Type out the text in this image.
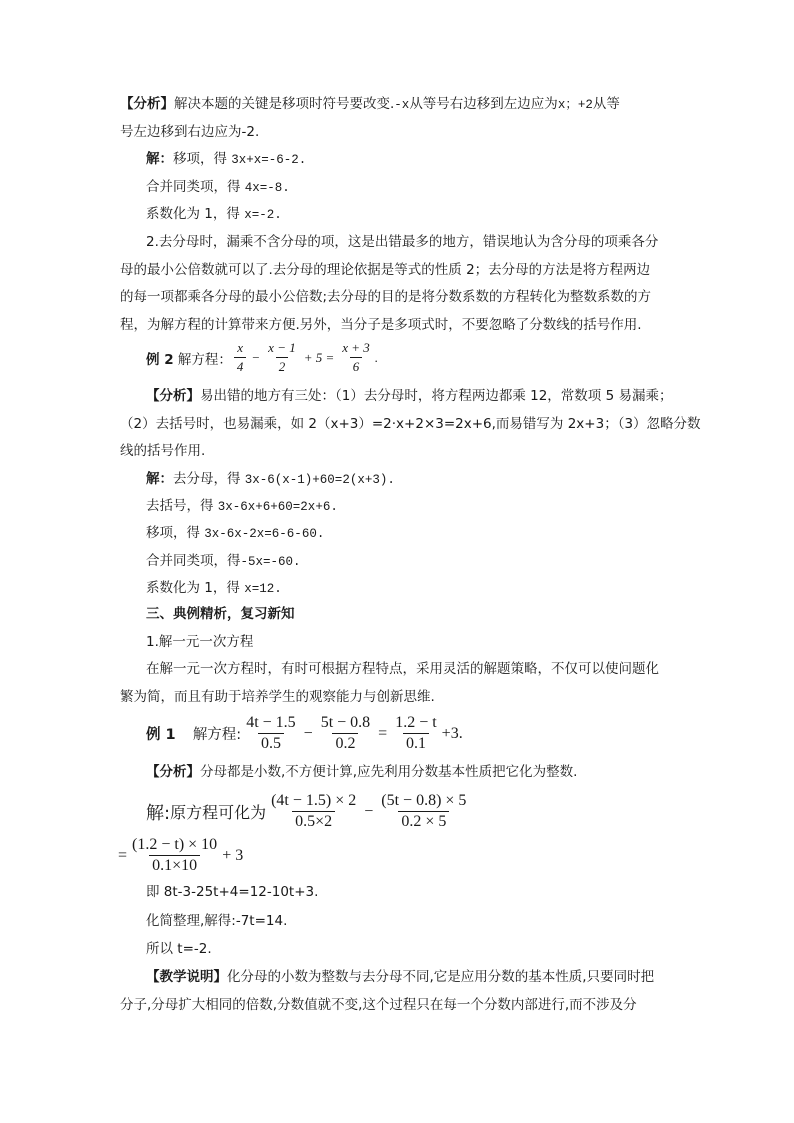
【分析】解决本题的关键是移项时符号要改变.-x从等号右边移到左边应为x；+2从等
号左边移到右边应为-2.
解：移项，得 3x+x=-6-2.
合并同类项，得 4x=-8.
系数化为 1，得 x=-2.
2.去分母时，漏乘不含分母的项，这是出错最多的地方，错误地认为含分母的项乘各分
母的最小公倍数就可以了.去分母的理论依据是等式的性质 2；去分母的方法是将方程两边
的每一项都乘各分母的最小公倍数;去分母的目的是将分数系数的方程转化为整数系数的方
程，为解方程的计算带来方便.另外，当分子是多项式时，不要忽略了分数线的括号作用.
例 2
解方程： $\frac{x}{4} - \frac{x - 1}{2} + 5 = \frac{x + 3}{6}$ .
【分析】易出错的地方有三处：（1）去分母时，将方程两边都乘 12，常数项 5 易漏乘；
（2）去括号时，也易漏乘，如 2（x+3）=2·x+2×3=2x+6,而易错写为 2x+3；（3）忽略分数
线的括号作用.
解：去分母，得 3x-6(x-1)+60=2(x+3).
去括号，得 3x-6x+6+60=2x+6.
移项，得 3x-6x-2x=6-6-60.
合并同类项，得-5x=-60.
系数化为 1，得 x=12.
三、典例精析，复习新知
1.解一元一次方程
在解一元一次方程时，有时可根据方程特点，采用灵活的解题策略，不仅可以使问题化
繁为简，而且有助于培养学生的观察能力与创新思维.
例 1
解方程: $\frac{4t - 1.5}{0.5} - \frac{5t - 0.8}{0.2} = \frac{1.2 - t}{0.1} +3$.
【分析】分母都是小数,不方便计算,应先利用分数基本性质把它化为整数.
解: 原方程可化为 $\frac{(4t - 1.5) \times 2}{0.5\times 2} - \frac{(5t - 0.8) \times 5}{0.2 \times 5}$
= $\frac{(1.2 - t) \times 10}{0.1\times 10} + 3$
即 8t-3-25t+4=12-10t+3.
化简整理,解得:-7t=14.
所以 t=-2.
【教学说明】化分母的小数为整数与去分母不同,它是应用分数的基本性质,只要同时把
分子,分母扩大相同的倍数,分数值就不变,这个过程只在每一个分数内部进行,而不涉及分
